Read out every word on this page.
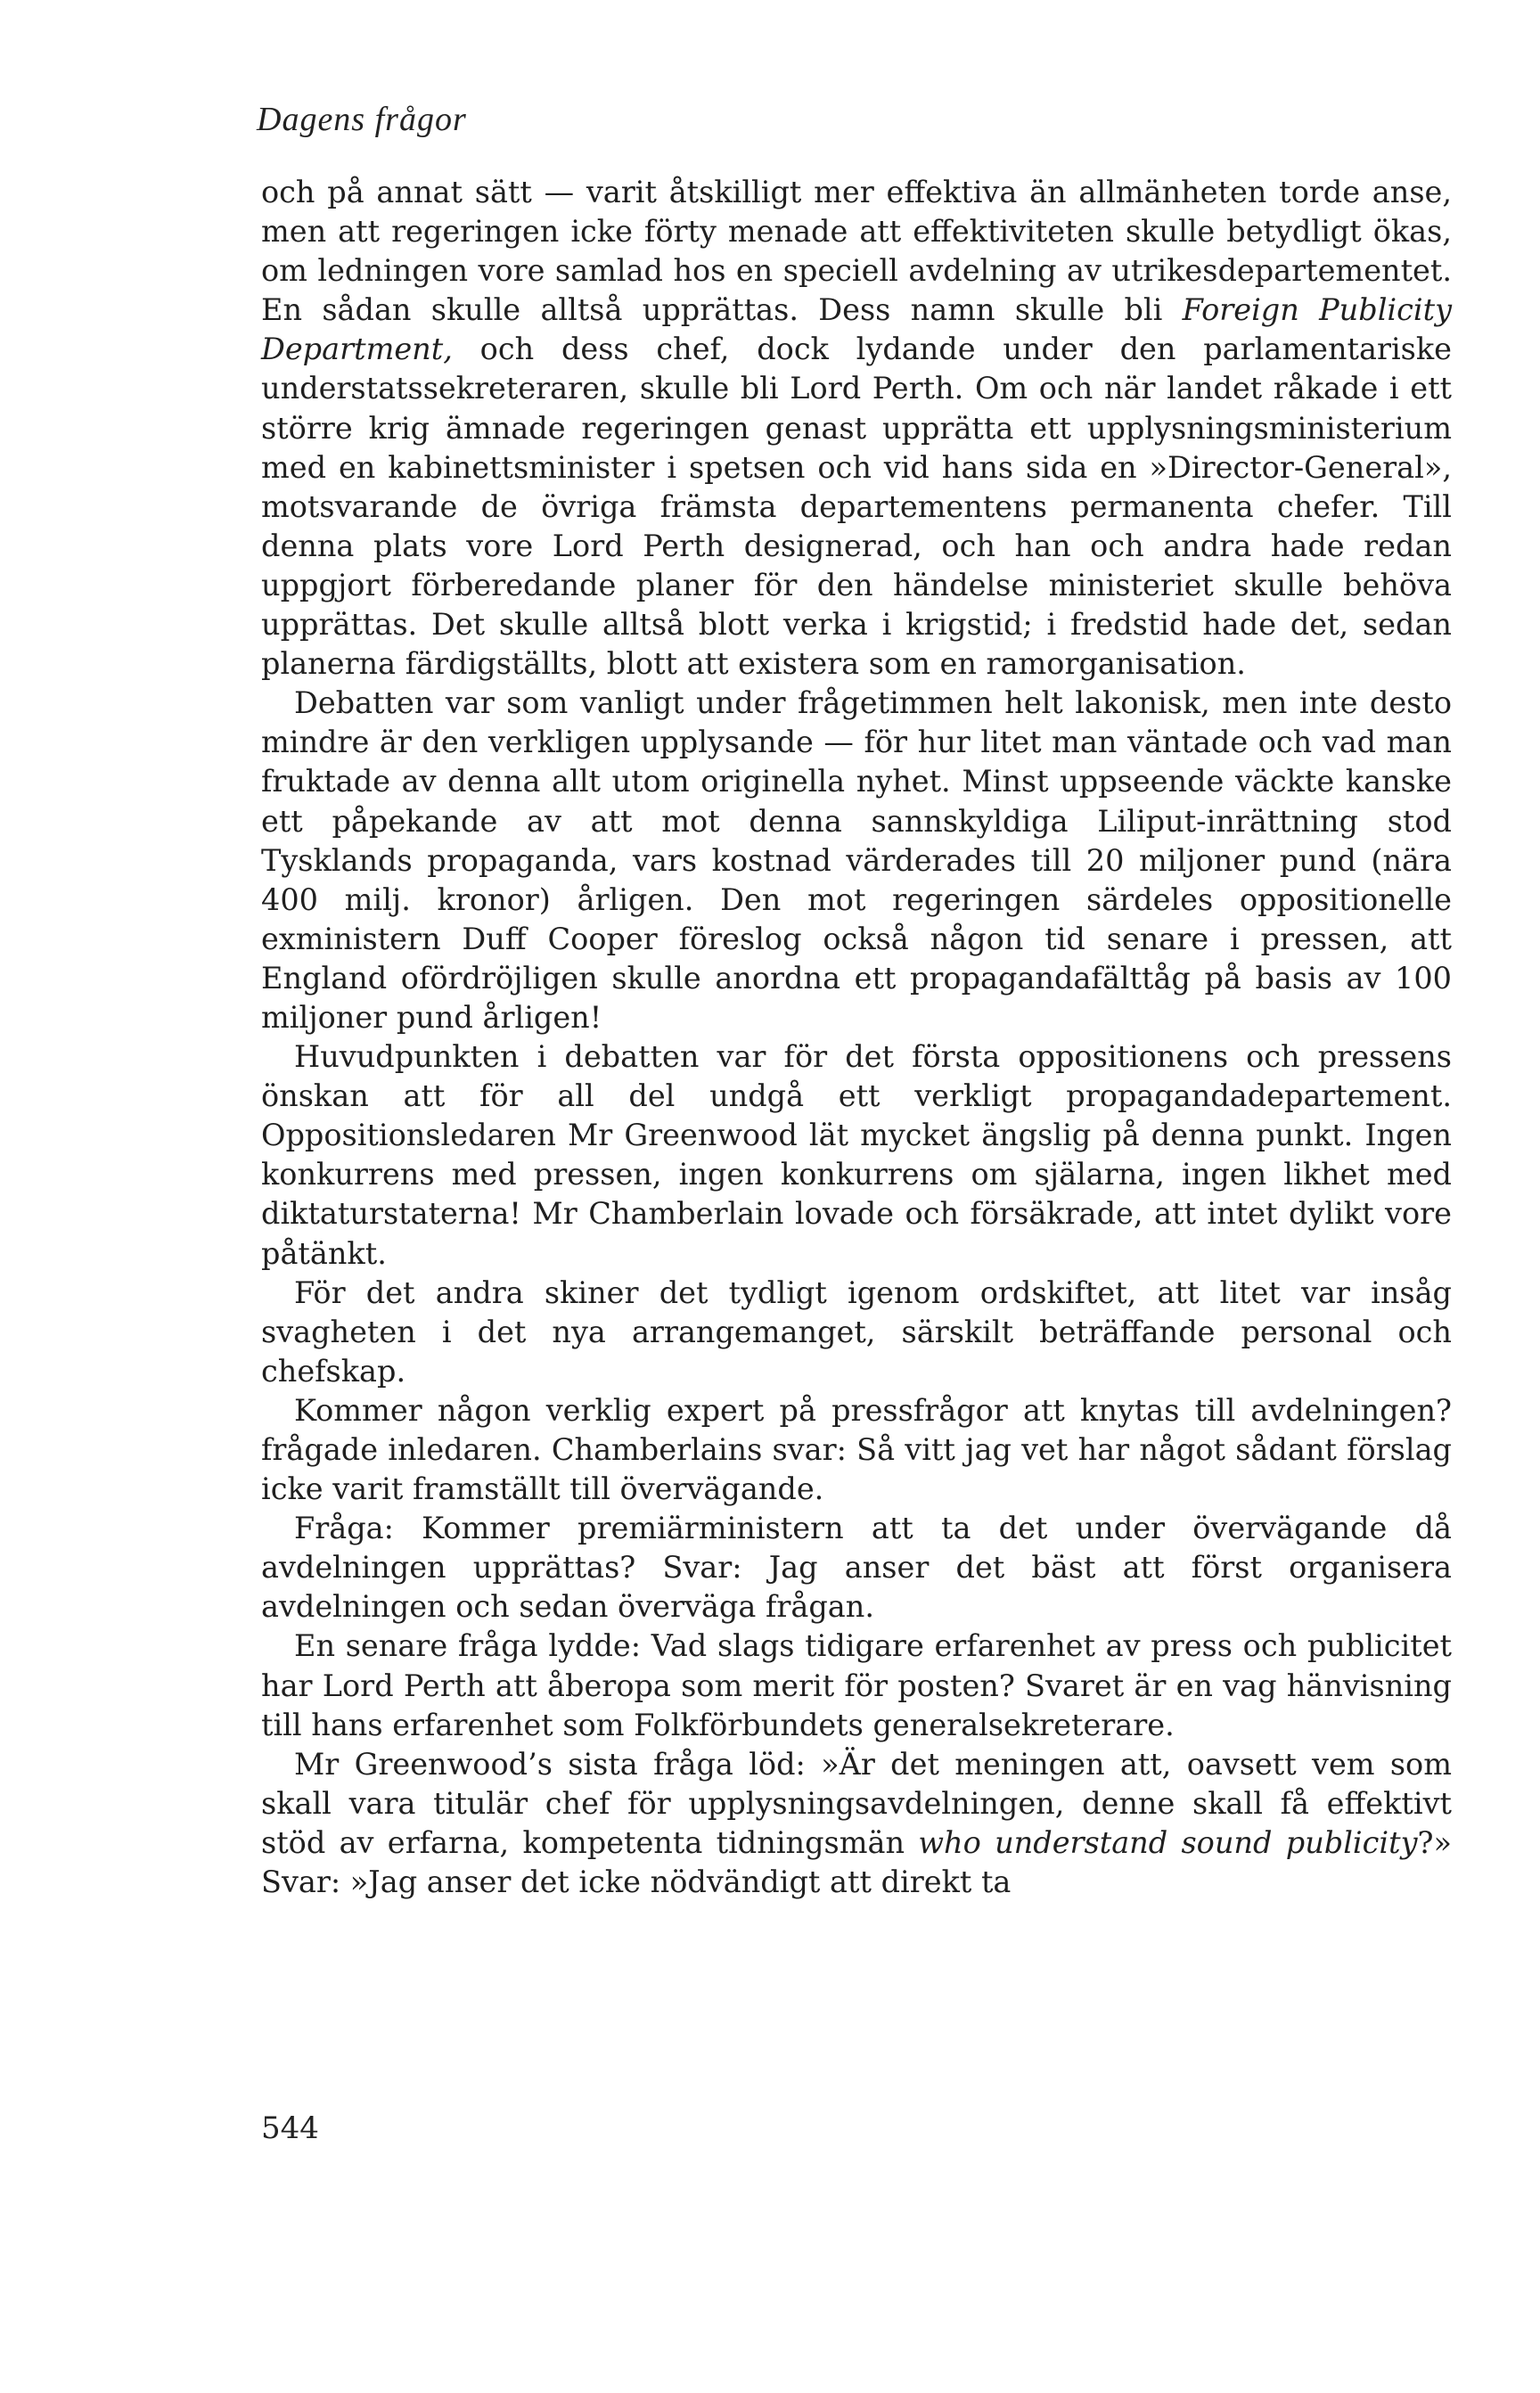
Dagens frågor

och på annat sätt — varit åtskilligt mer effektiva än allmänheten torde anse, men att regeringen icke förty menade att effektiviteten skulle betydligt ökas, om ledningen vore samlad hos en speciell avdelning av utrikesdepartementet. En sådan skulle alltså upprättas. Dess namn skulle bli Foreign Publicity Department, och dess chef, dock lydande under den parlamentariske understatssekreteraren, skulle bli Lord Perth. Om och när landet råkade i ett större krig ämnade regeringen genast upprätta ett upplysningsministerium med en kabinettsminister i spetsen och vid hans sida en »Director-General», motsvarande de övriga främsta departementens permanenta chefer. Till denna plats vore Lord Perth designerad, och han och andra hade redan uppgjort förberedande planer för den händelse ministeriet skulle behöva upprättas. Det skulle alltså blott verka i krigstid; i fredstid hade det, sedan planerna färdigställts, blott att existera som en ramorganisation.

Debatten var som vanligt under frågetimmen helt lakonisk, men inte desto mindre är den verkligen upplysande — för hur litet man väntade och vad man fruktade av denna allt utom originella nyhet. Minst uppseende väckte kanske ett påpekande av att mot denna sannskyldiga Liliput-inrättning stod Tysklands propaganda, vars kostnad värderades till 20 miljoner pund (nära 400 milj. kronor) årligen. Den mot regeringen särdeles oppositionelle exministern Duff Cooper föreslog också någon tid senare i pressen, att England ofördröjligen skulle anordna ett propagandafälttåg på basis av 100 miljoner pund årligen!

Huvudpunkten i debatten var för det första oppositionens och pressens önskan att för all del undgå ett verkligt propagandadepartement. Oppositionsledaren Mr Greenwood lät mycket ängslig på denna punkt. Ingen konkurrens med pressen, ingen konkurrens om själarna, ingen likhet med diktaturstaterna! Mr Chamberlain lovade och försäkrade, att intet dylikt vore påtänkt.

För det andra skiner det tydligt igenom ordskiftet, att litet var insåg svagheten i det nya arrangemanget, särskilt beträffande personal och chefskap.

Kommer någon verklig expert på pressfrågor att knytas till avdelningen? frågade inledaren. Chamberlains svar: Så vitt jag vet har något sådant förslag icke varit framställt till övervägande.

Fråga: Kommer premiärministern att ta det under övervägande då avdelningen upprättas? Svar: Jag anser det bäst att först organisera avdelningen och sedan överväga frågan.

En senare fråga lydde: Vad slags tidigare erfarenhet av press och publicitet har Lord Perth att åberopa som merit för posten? Svaret är en vag hänvisning till hans erfarenhet som Folkförbundets generalsekreterare.

Mr Greenwood’s sista fråga löd: »Är det meningen att, oavsett vem som skall vara titulär chef för upplysningsavdelningen, denne skall få effektivt stöd av erfarna, kompetenta tidningsmän who understand sound publicity?» Svar: »Jag anser det icke nödvändigt att direkt ta

544
